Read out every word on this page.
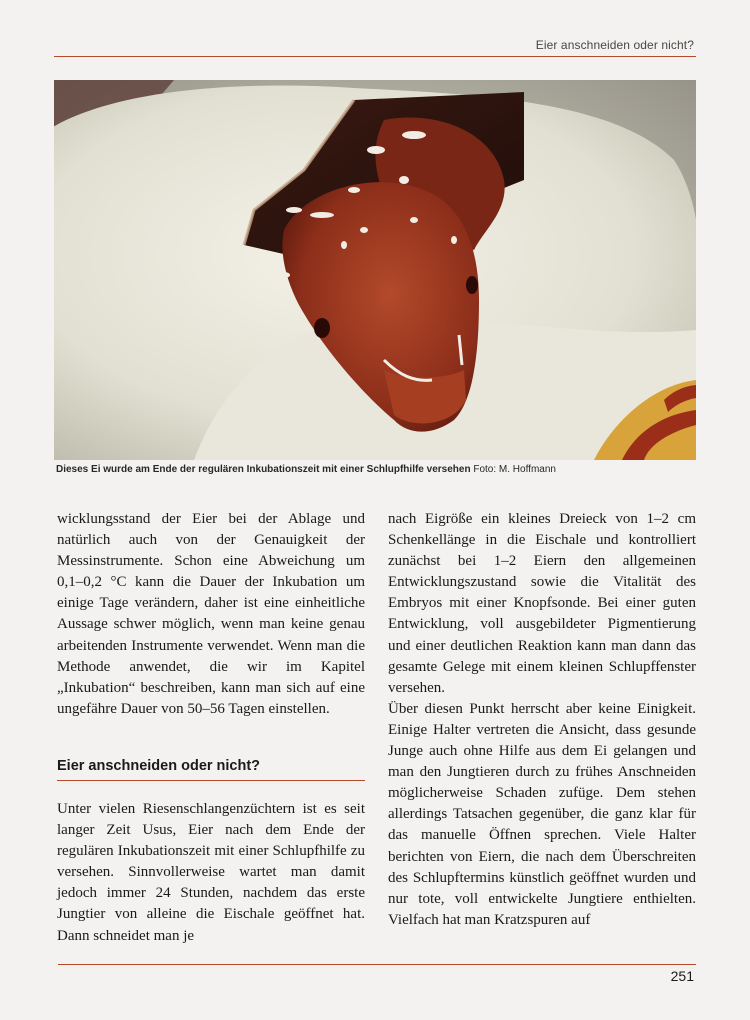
Eier anschneiden oder nicht?
Dieses Ei wurde am Ende der regulären Inkubationszeit mit einer Schlupfhilfe versehen Foto: M. Hoffmann

wicklungsstand der Eier bei der Ablage und natürlich auch von der Genauigkeit der Messinstrumente. Schon eine Abweichung um 0,1–0,2 °C kann die Dauer der Inkubation um einige Tage verändern, daher ist eine einheitliche Aussage schwer möglich, wenn man keine genau arbeitenden Instrumente verwendet. Wenn man die Methode anwendet, die wir im Kapitel „Inkubation“ beschreiben, kann man sich auf eine ungefähre Dauer von 50–56 Tagen einstellen.

Eier anschneiden oder nicht?

Unter vielen Riesenschlangenzüchtern ist es seit langer Zeit Usus, Eier nach dem Ende der regulären Inkubationszeit mit einer Schlupfhilfe zu versehen. Sinnvollerweise wartet man damit jedoch immer 24 Stunden, nachdem das erste Jungtier von alleine die Eischale geöffnet hat. Dann schneidet man je

nach Eigröße ein kleines Dreieck von 1–2 cm Schenkellänge in die Eischale und kontrolliert zunächst bei 1–2 Eiern den allgemeinen Entwicklungszustand sowie die Vitalität des Embryos mit einer Knopfsonde. Bei einer guten Entwicklung, voll ausgebildeter Pigmentierung und einer deutlichen Reaktion kann man dann das gesamte Gelege mit einem kleinen Schlupffenster versehen.

Über diesen Punkt herrscht aber keine Einigkeit. Einige Halter vertreten die Ansicht, dass gesunde Junge auch ohne Hilfe aus dem Ei gelangen und man den Jungtieren durch zu frühes Anschneiden möglicherweise Schaden zufüge. Dem stehen allerdings Tatsachen gegenüber, die ganz klar für das manuelle Öffnen sprechen. Viele Halter berichten von Eiern, die nach dem Überschreiten des Schlupftermins künstlich geöffnet wurden und nur tote, voll entwickelte Jungtiere enthielten. Vielfach hat man Kratzspuren auf

251
